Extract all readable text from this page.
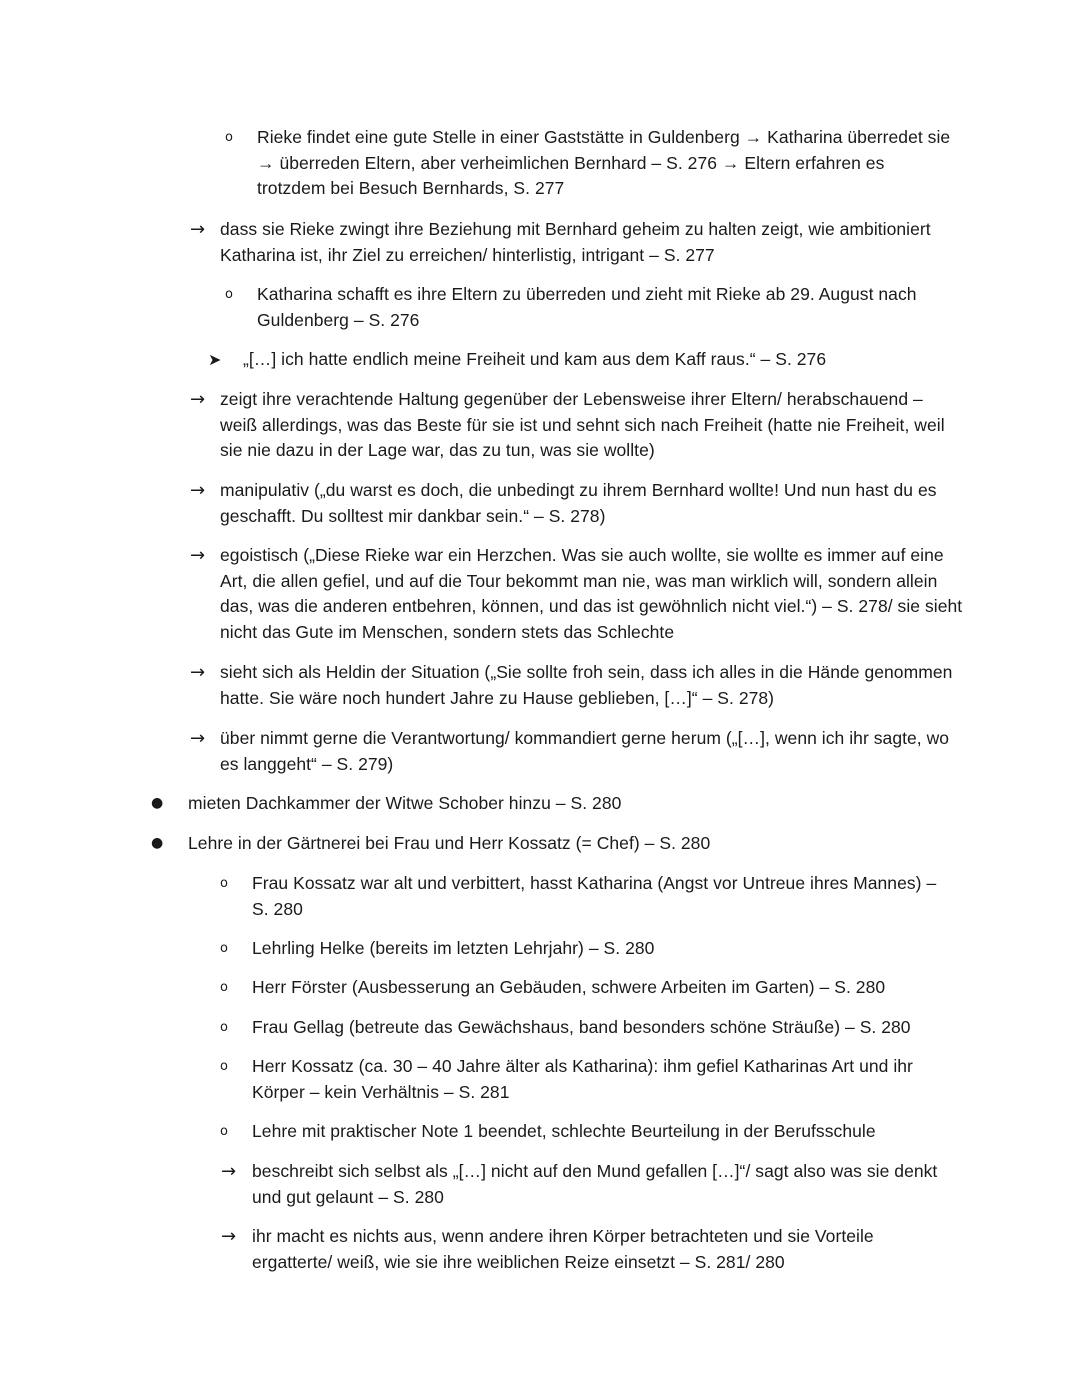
o Rieke findet eine gute Stelle in einer Gaststätte in Guldenberg → Katharina überredet sie → überreden Eltern, aber verheimlichen Bernhard – S. 276 → Eltern erfahren es trotzdem bei Besuch Bernhards, S. 277
→ dass sie Rieke zwingt ihre Beziehung mit Bernhard geheim zu halten zeigt, wie ambitioniert Katharina ist, ihr Ziel zu erreichen/ hinterlistig, intrigant – S. 277
o Katharina schafft es ihre Eltern zu überreden und zieht mit Rieke ab 29. August nach Guldenberg – S. 276
➤ „[…] ich hatte endlich meine Freiheit und kam aus dem Kaff raus.“ – S. 276
→ zeigt ihre verachtende Haltung gegenüber der Lebensweise ihrer Eltern/ herabschauend – weiß allerdings, was das Beste für sie ist und sehnt sich nach Freiheit (hatte nie Freiheit, weil sie nie dazu in der Lage war, das zu tun, was sie wollte)
→ manipulativ („du warst es doch, die unbedingt zu ihrem Bernhard wollte! Und nun hast du es geschafft. Du solltest mir dankbar sein.“ – S. 278)
→ egoistisch („Diese Rieke war ein Herzchen. Was sie auch wollte, sie wollte es immer auf eine Art, die allen gefiel, und auf die Tour bekommt man nie, was man wirklich will, sondern allein das, was die anderen entbehren, können, und das ist gewöhnlich nicht viel.“) – S. 278/ sie sieht nicht das Gute im Menschen, sondern stets das Schlechte
→ sieht sich als Heldin der Situation („Sie sollte froh sein, dass ich alles in die Hände genommen hatte. Sie wäre noch hundert Jahre zu Hause geblieben, […]“ – S. 278)
→ über nimmt gerne die Verantwortung/ kommandiert gerne herum („[…], wenn ich ihr sagte, wo es langgeht“ – S. 279)
● mieten Dachkammer der Witwe Schober hinzu – S. 280
● Lehre in der Gärtnerei bei Frau und Herr Kossatz (= Chef) – S. 280
o Frau Kossatz war alt und verbittert, hasst Katharina (Angst vor Untreue ihres Mannes) – S. 280
o Lehrling Helke (bereits im letzten Lehrjahr) – S. 280
o Herr Förster (Ausbesserung an Gebäuden, schwere Arbeiten im Garten) – S. 280
o Frau Gellag (betreute das Gewächshaus, band besonders schöne Sträuße) – S. 280
o Herr Kossatz (ca. 30 – 40 Jahre älter als Katharina): ihm gefiel Katharinas Art und ihr Körper – kein Verhältnis – S. 281
o Lehre mit praktischer Note 1 beendet, schlechte Beurteilung in der Berufsschule
→ beschreibt sich selbst als „[…] nicht auf den Mund gefallen […]“/ sagt also was sie denkt und gut gelaunt – S. 280
→ ihr macht es nichts aus, wenn andere ihren Körper betrachteten und sie Vorteile ergatterte/ weiß, wie sie ihre weiblichen Reize einsetzt – S. 281/ 280
